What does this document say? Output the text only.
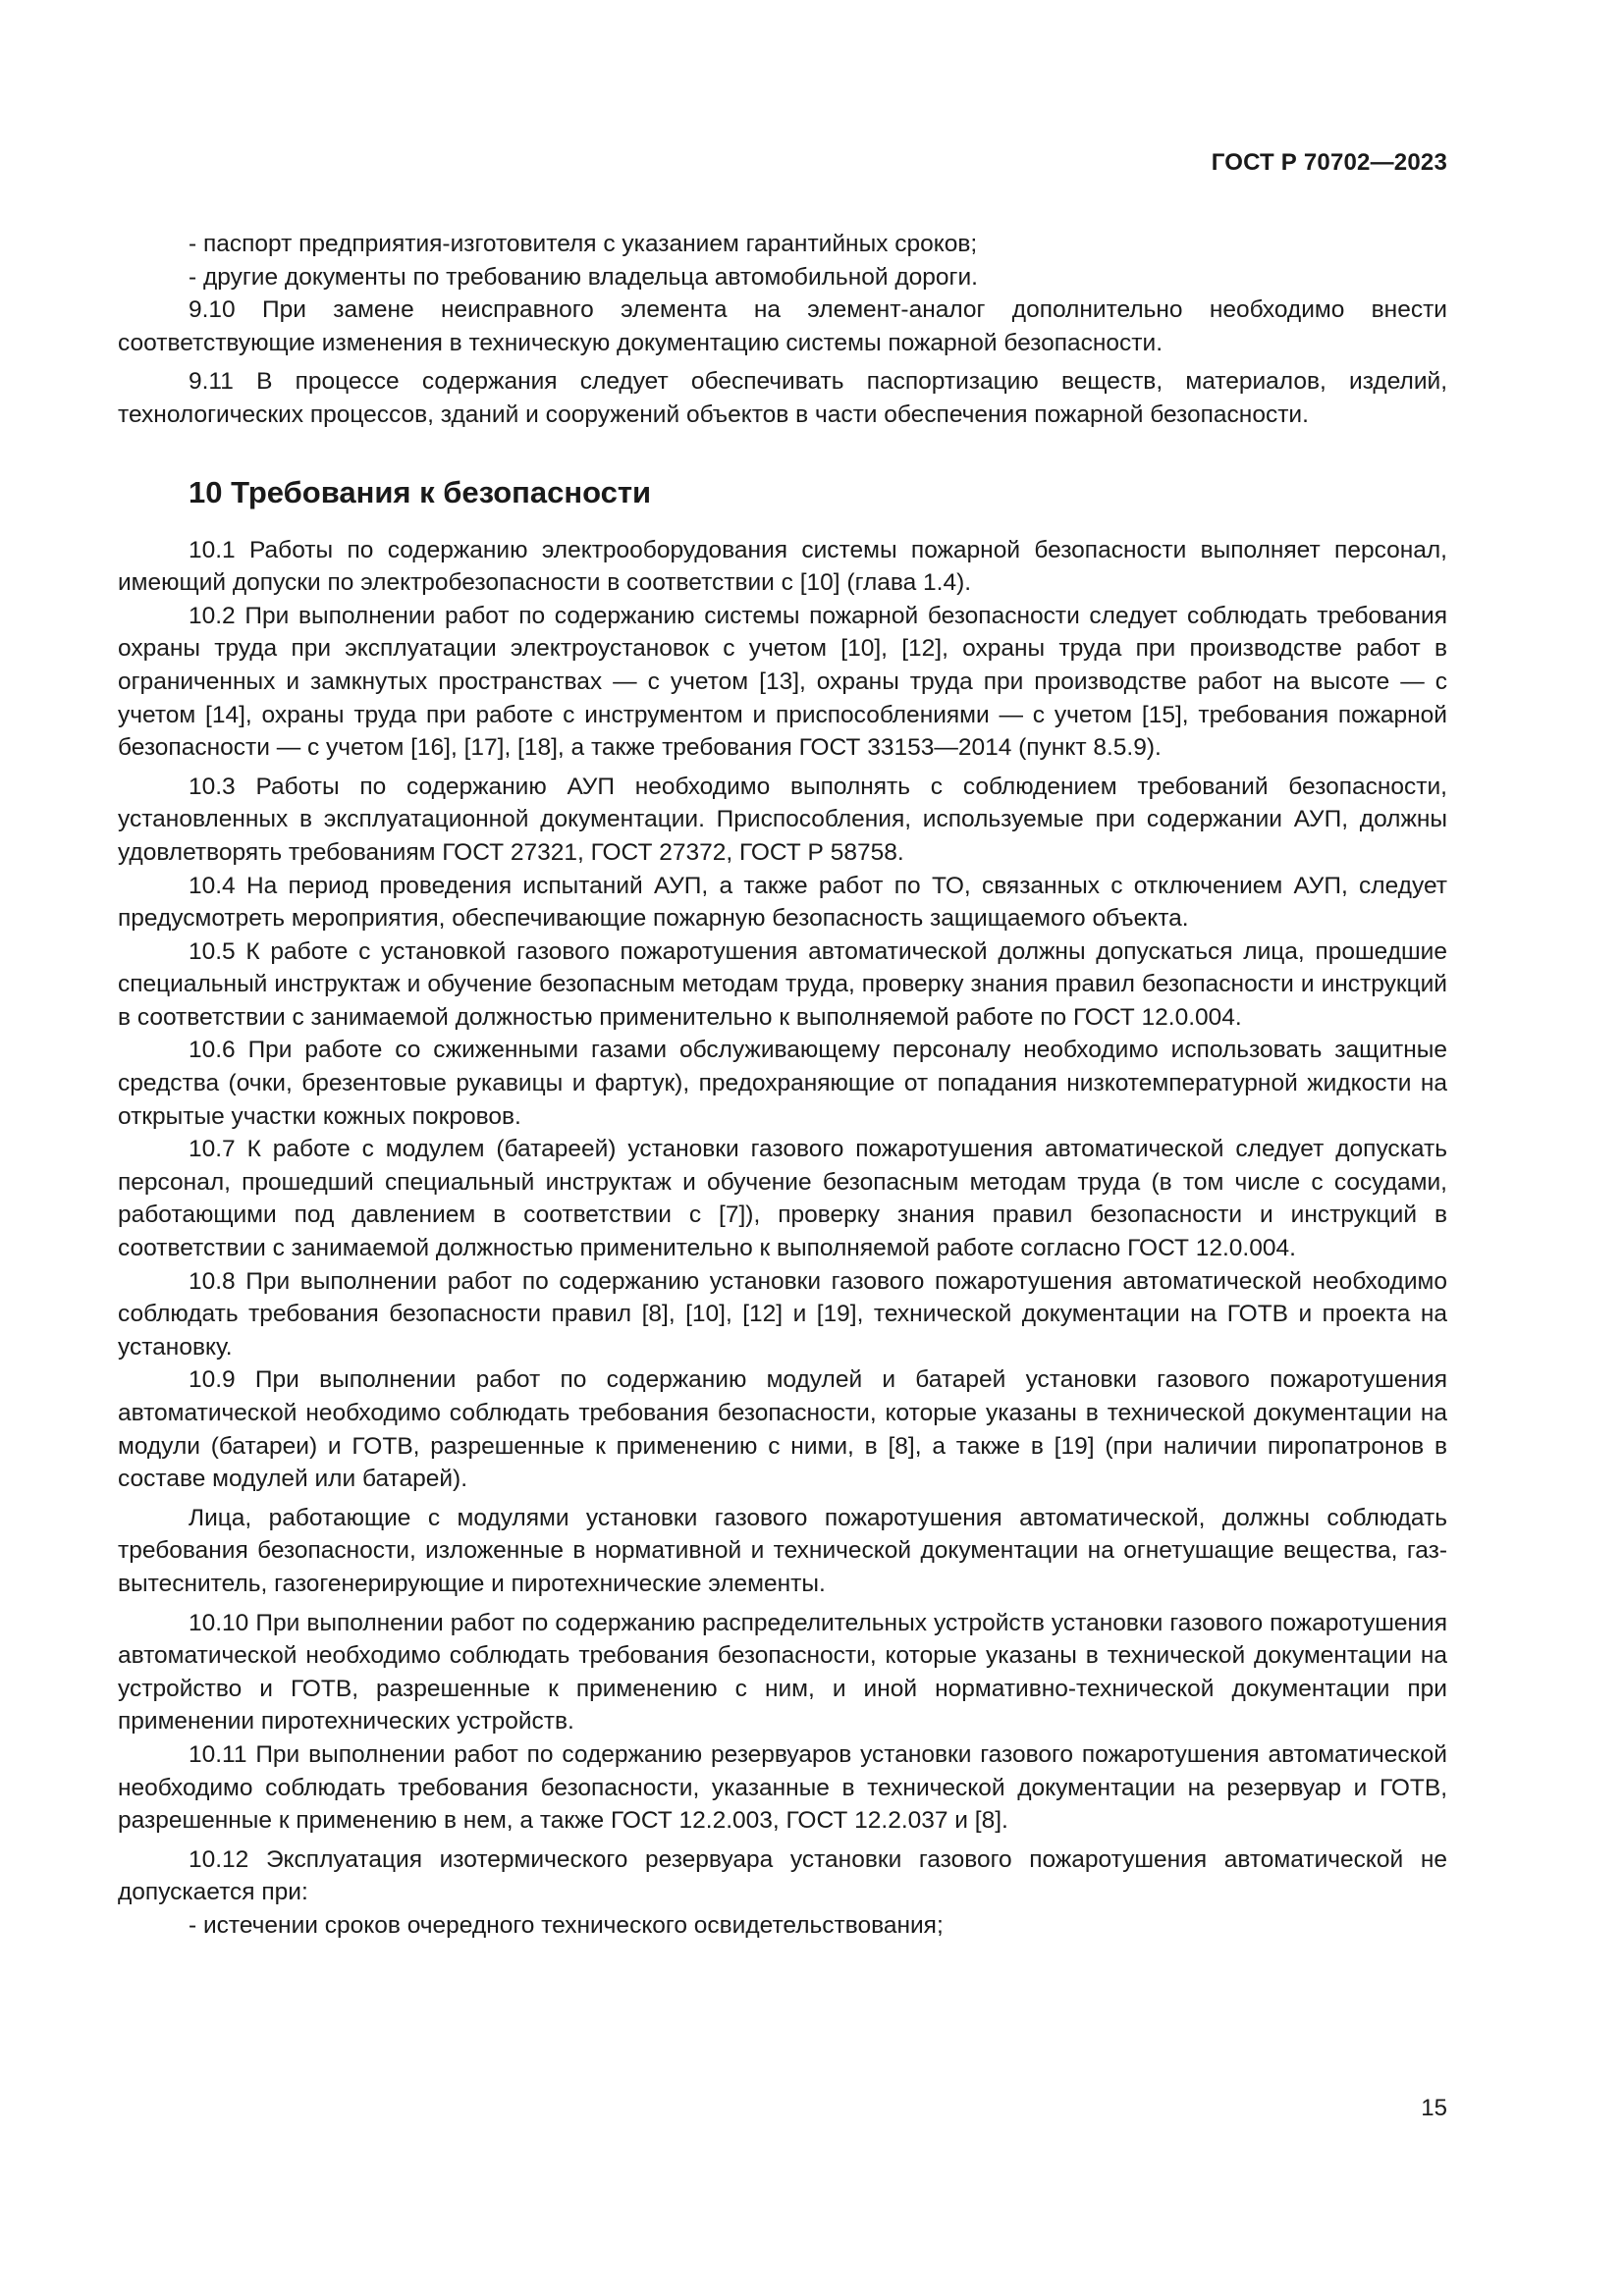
ГОСТ Р 70702—2023

- паспорт предприятия-изготовителя с указанием гарантийных сроков;

- другие документы по требованию владельца автомобильной дороги.

9.10 При замене неисправного элемента на элемент-аналог дополнительно необходимо внести соответствующие изменения в техническую документацию системы пожарной безопасности.

9.11 В процессе содержания следует обеспечивать паспортизацию веществ, материалов, изделий, технологических процессов, зданий и сооружений объектов в части обеспечения пожарной безопасности.

10 Требования к безопасности

10.1 Работы по содержанию электрооборудования системы пожарной безопасности выполняет персонал, имеющий допуски по электробезопасности в соответствии с [10] (глава 1.4).

10.2 При выполнении работ по содержанию системы пожарной безопасности следует соблюдать требования охраны труда при эксплуатации электроустановок с учетом [10], [12], охраны труда при производстве работ в ограниченных и замкнутых пространствах — с учетом [13], охраны труда при производстве работ на высоте — с учетом [14], охраны труда при работе с инструментом и приспособлениями — с учетом [15], требования пожарной безопасности — с учетом [16], [17], [18], а также требования ГОСТ 33153—2014 (пункт 8.5.9).

10.3 Работы по содержанию АУП необходимо выполнять с соблюдением требований безопасности, установленных в эксплуатационной документации. Приспособления, используемые при содержании АУП, должны удовлетворять требованиям ГОСТ 27321, ГОСТ 27372, ГОСТ Р 58758.

10.4 На период проведения испытаний АУП, а также работ по ТО, связанных с отключением АУП, следует предусмотреть мероприятия, обеспечивающие пожарную безопасность защищаемого объекта.

10.5 К работе с установкой газового пожаротушения автоматической должны допускаться лица, прошедшие специальный инструктаж и обучение безопасным методам труда, проверку знания правил безопасности и инструкций в соответствии с занимаемой должностью применительно к выполняемой работе по ГОСТ 12.0.004.

10.6 При работе со сжиженными газами обслуживающему персоналу необходимо использовать защитные средства (очки, брезентовые рукавицы и фартук), предохраняющие от попадания низкотемпературной жидкости на открытые участки кожных покровов.

10.7 К работе с модулем (батареей) установки газового пожаротушения автоматической следует допускать персонал, прошедший специальный инструктаж и обучение безопасным методам труда (в том числе с сосудами, работающими под давлением в соответствии с [7]), проверку знания правил безопасности и инструкций в соответствии с занимаемой должностью применительно к выполняемой работе согласно ГОСТ 12.0.004.

10.8 При выполнении работ по содержанию установки газового пожаротушения автоматической необходимо соблюдать требования безопасности правил [8], [10], [12] и [19], технической документации на ГОТВ и проекта на установку.

10.9 При выполнении работ по содержанию модулей и батарей установки газового пожаротушения автоматической необходимо соблюдать требования безопасности, которые указаны в технической документации на модули (батареи) и ГОТВ, разрешенные к применению с ними, в [8], а также в [19] (при наличии пиропатронов в составе модулей или батарей).

Лица, работающие с модулями установки газового пожаротушения автоматической, должны соблюдать требования безопасности, изложенные в нормативной и технической документации на огнетушащие вещества, газ-вытеснитель, газогенерирующие и пиротехнические элементы.

10.10 При выполнении работ по содержанию распределительных устройств установки газового пожаротушения автоматической необходимо соблюдать требования безопасности, которые указаны в технической документации на устройство и ГОТВ, разрешенные к применению с ним, и иной нормативно-технической документации при применении пиротехнических устройств.

10.11 При выполнении работ по содержанию резервуаров установки газового пожаротушения автоматической необходимо соблюдать требования безопасности, указанные в технической документации на резервуар и ГОТВ, разрешенные к применению в нем, а также ГОСТ 12.2.003, ГОСТ 12.2.037 и [8].

10.12 Эксплуатация изотермического резервуара установки газового пожаротушения автоматической не допускается при:

- истечении сроков очередного технического освидетельствования;

15
